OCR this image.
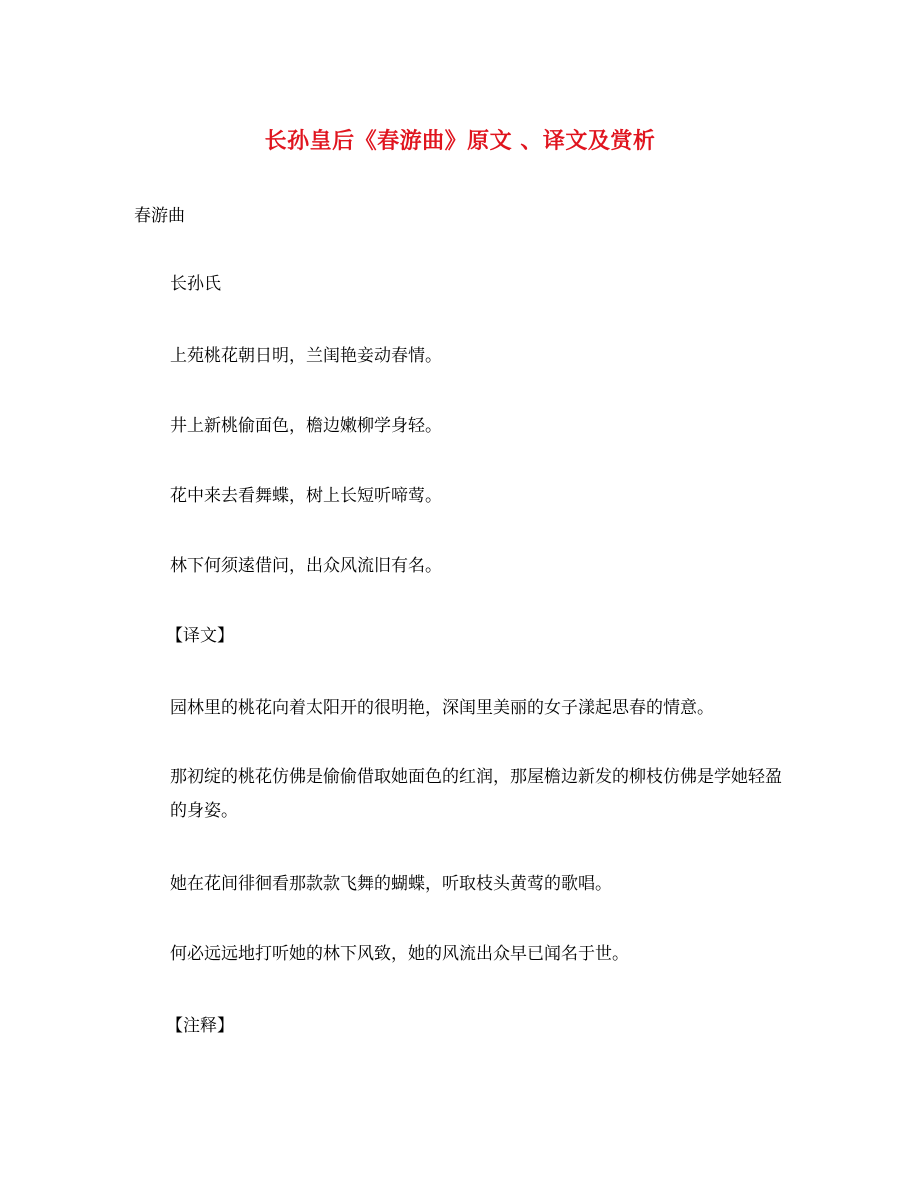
长孙皇后《春游曲》原文 、译文及赏析
春游曲
长孙氏
上苑桃花朝日明，兰闺艳妾动春情。
井上新桃偷面色，檐边嫩柳学身轻。
花中来去看舞蝶，树上长短听啼莺。
林下何须逺借问，出众风流旧有名。
【译文】
园林里的桃花向着太阳开的很明艳，深闺里美丽的女子漾起思春的情意。
那初绽的桃花仿佛是偷偷借取她面色的红润，那屋檐边新发的柳枝仿佛是学她轻盈的身姿。
她在花间徘徊看那款款飞舞的蝴蝶，听取枝头黄莺的歌唱。
何必远远地打听她的林下风致，她的风流出众早已闻名于世。
【注释】
